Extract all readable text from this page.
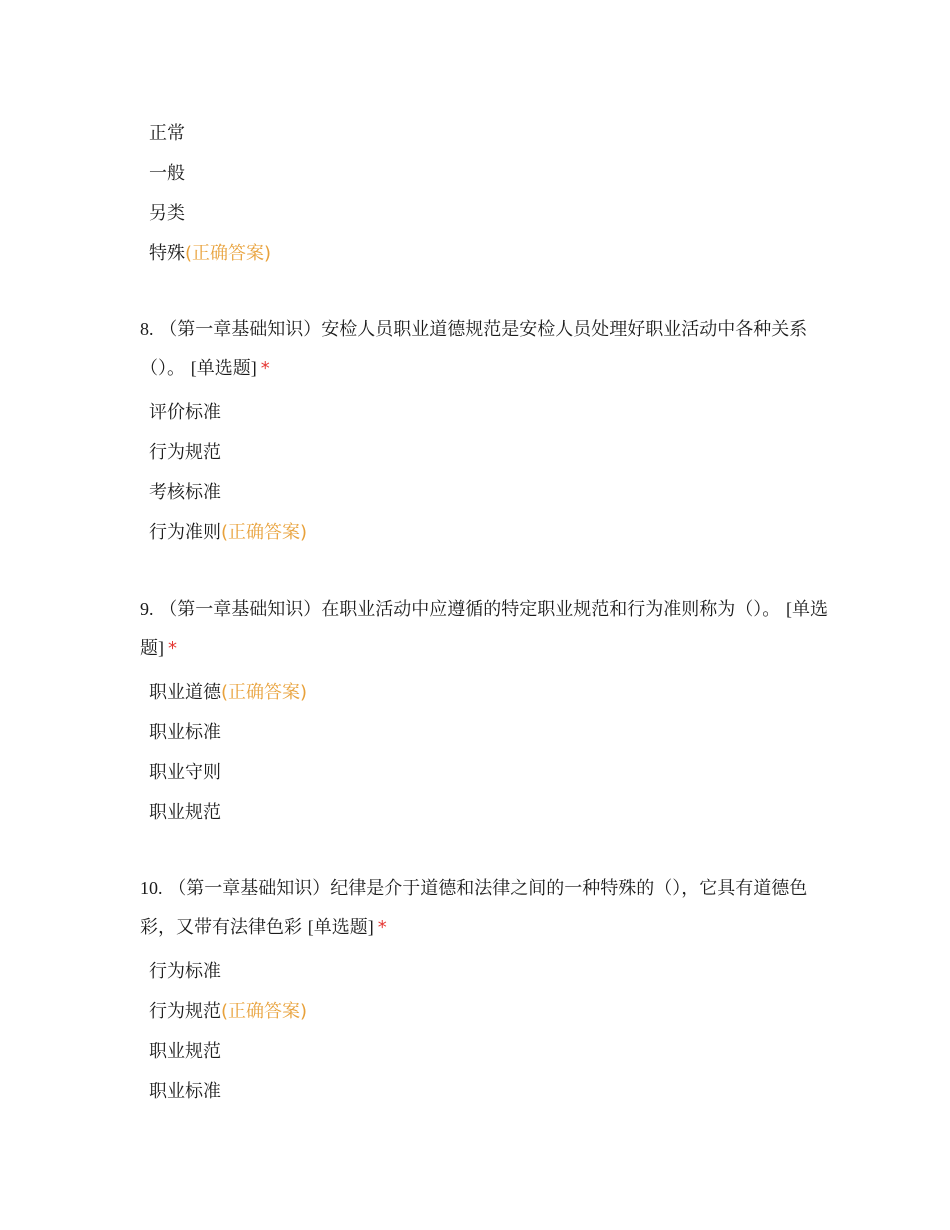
正常
一般
另类
特殊(正确答案)
8. （第一章基础知识）安检人员职业道德规范是安检人员处理好职业活动中各种关系 （）。 [单选题] *
评价标准
行为规范
考核标准
行为准则(正确答案)
9. （第一章基础知识）在职业活动中应遵循的特定职业规范和行为准则称为（）。 [单选题] *
职业道德(正确答案)
职业标准
职业守则
职业规范
10. （第一章基础知识）纪律是介于道德和法律之间的一种特殊的（），它具有道德色彩，又带有法律色彩 [单选题] *
行为标准
行为规范(正确答案)
职业规范
职业标准
